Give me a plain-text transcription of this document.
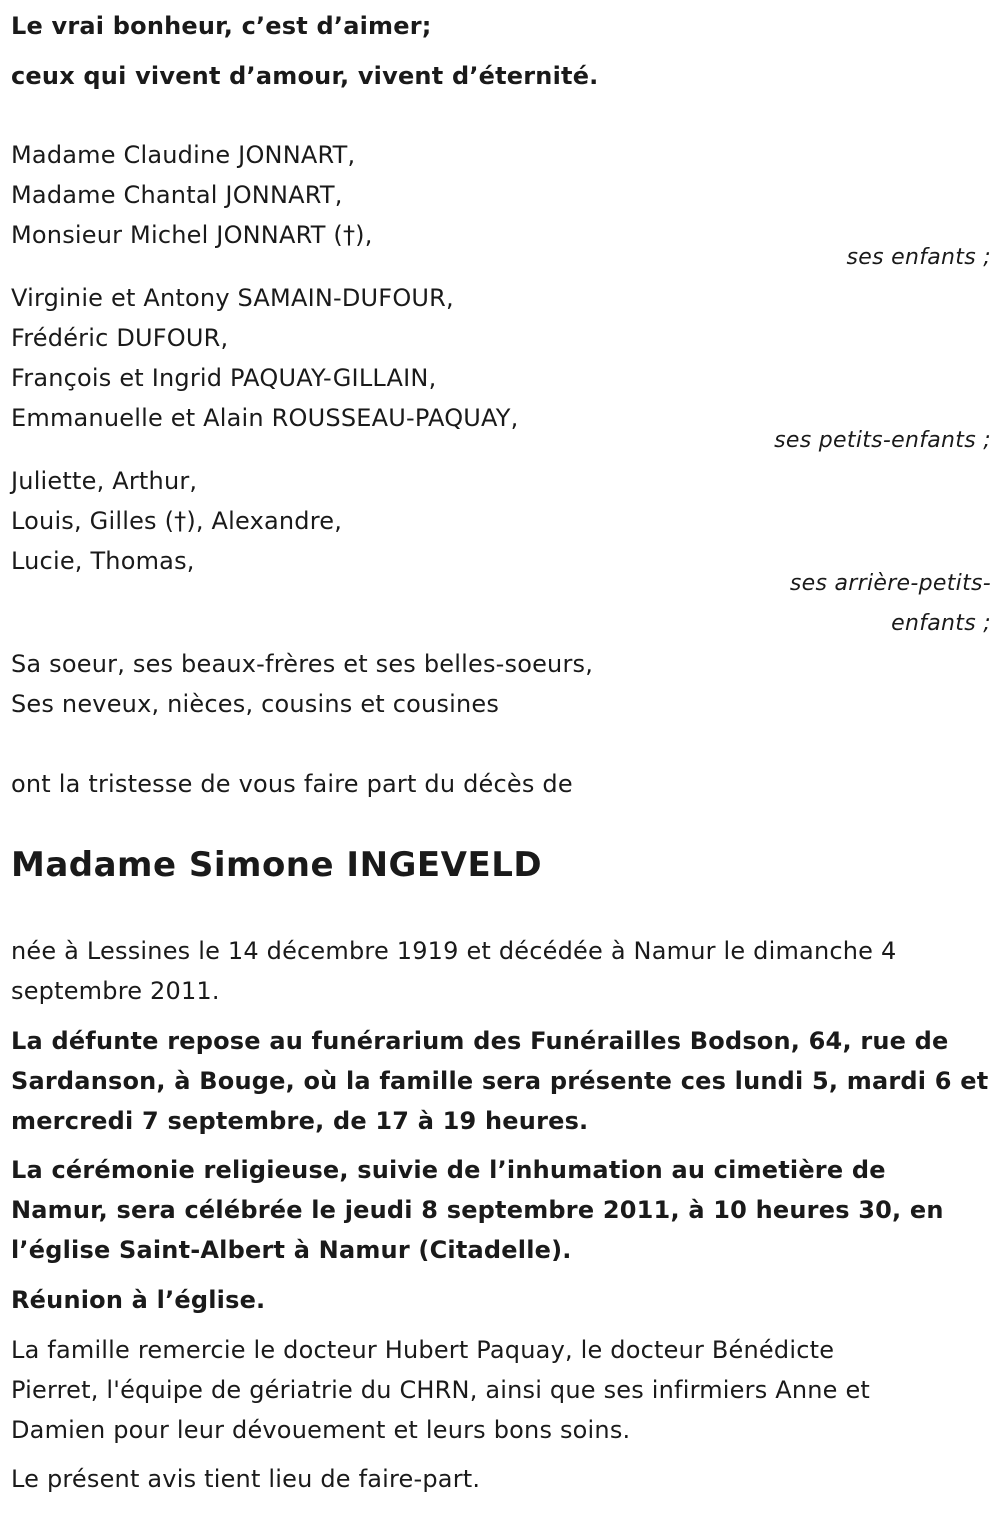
Le vrai bonheur, c’est d’aimer;
ceux qui vivent d’amour, vivent d’éternité.
Madame Claudine JONNART,
Madame Chantal JONNART,
Monsieur Michel JONNART (†),
ses enfants ;
Virginie et Antony SAMAIN-DUFOUR,
Frédéric DUFOUR,
François et Ingrid PAQUAY-GILLAIN,
Emmanuelle et Alain ROUSSEAU-PAQUAY,
ses petits-enfants ;
Juliette, Arthur,
Louis, Gilles (†), Alexandre,
Lucie, Thomas,
ses arrière-petits-
enfants ;
Sa soeur, ses beaux-frères et ses belles-soeurs,
Ses neveux, nièces, cousins et cousines
ont la tristesse de vous faire part du décès de
Madame Simone INGEVELD
née à Lessines le 14 décembre 1919 et décédée à Namur le dimanche 4
septembre 2011.
La défunte repose au funérarium des Funérailles Bodson, 64, rue de
Sardanson, à Bouge, où la famille sera présente ces lundi 5, mardi 6 et
mercredi 7 septembre, de 17 à 19 heures.
La cérémonie religieuse, suivie de l’inhumation au cimetière de
Namur, sera célébrée le jeudi 8 septembre 2011, à 10 heures 30, en
l’église Saint-Albert à Namur (Citadelle).
Réunion à l’église.
La famille remercie le docteur Hubert Paquay, le docteur Bénédicte
Pierret, l'équipe de gériatrie du CHRN, ainsi que ses infirmiers Anne et
Damien pour leur dévouement et leurs bons soins.
Le présent avis tient lieu de faire-part.
